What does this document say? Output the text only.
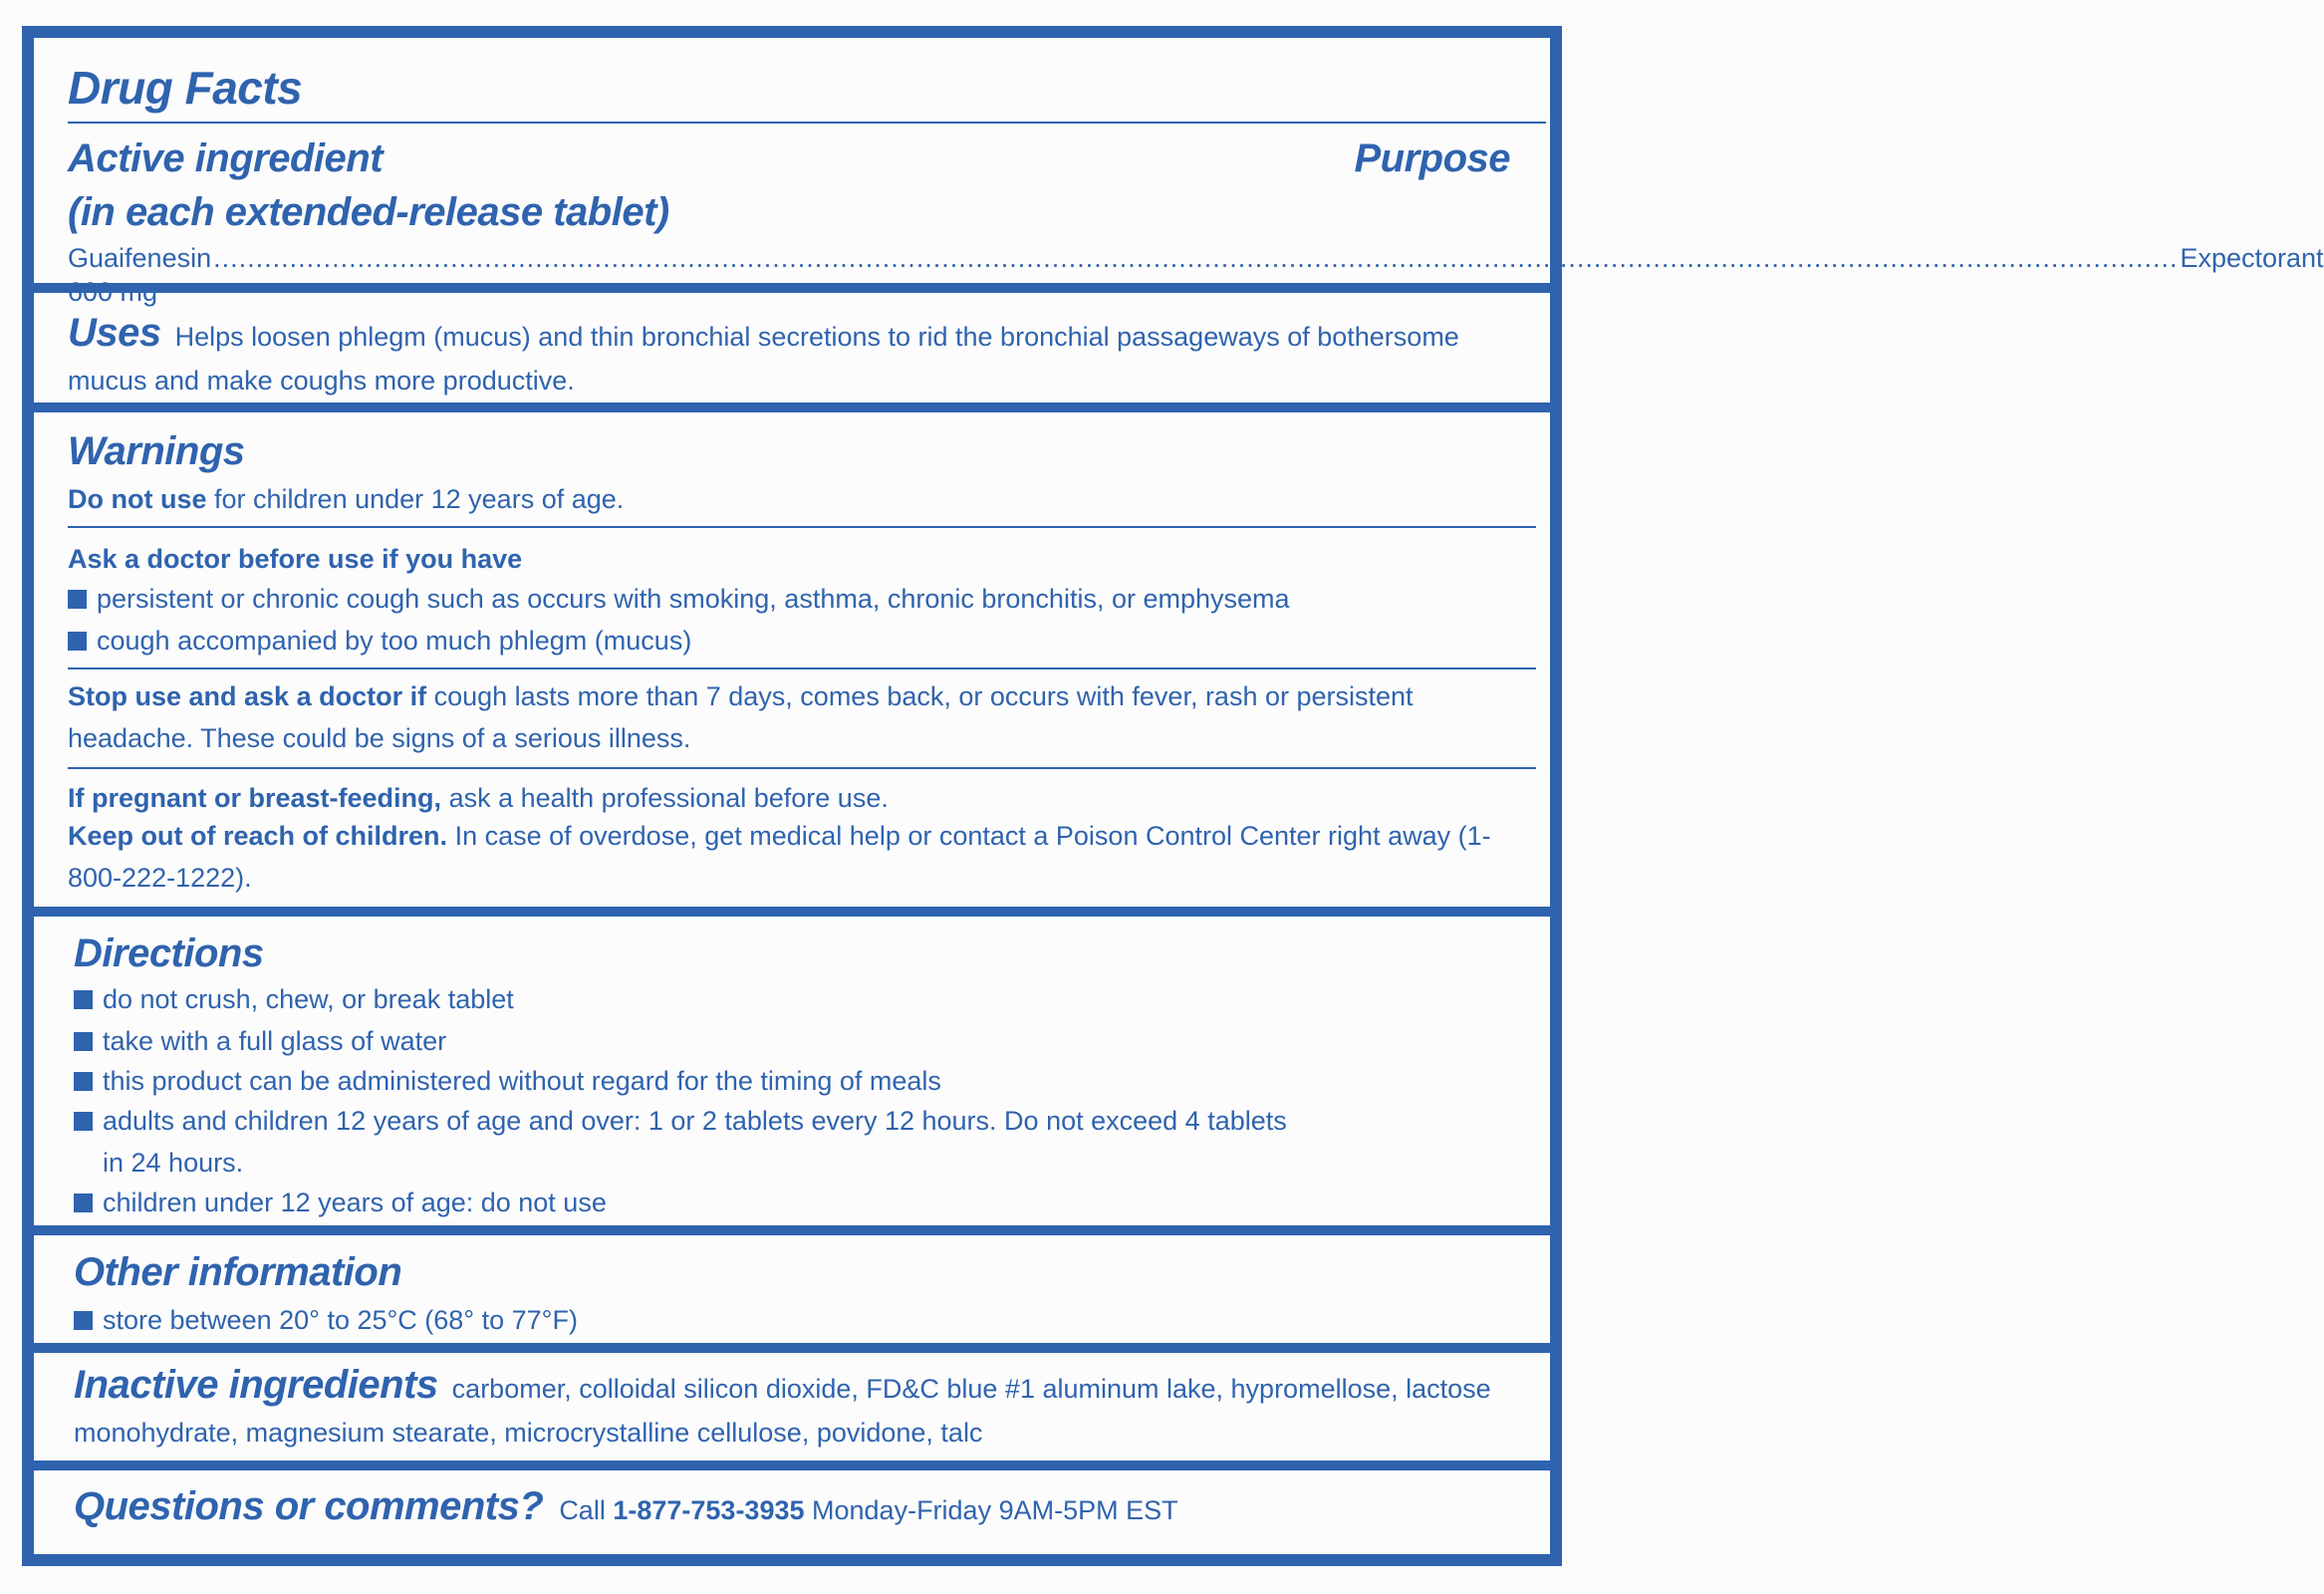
Drug Facts
Active ingredient	Purpose
(in each extended-release tablet)
Guaifenesin ........................................................................................................................................................................................................................................ Expectorant
Uses Helps loosen phlegm (mucus) and thin bronchial secretions to rid the bronchial passageways of bothersome mucus and make coughs more productive.
Warnings
Do not use for children under 12 years of age.
Ask a doctor before use if you have
persistent or chronic cough such as occurs with smoking, asthma, chronic bronchitis, or emphysema
cough accompanied by too much phlegm (mucus)
Stop use and ask a doctor if cough lasts more than 7 days, comes back, or occurs with fever, rash or persistent headache. These could be signs of a serious illness.
If pregnant or breast-feeding, ask a health professional before use.
Keep out of reach of children. In case of overdose, get medical help or contact a Poison Control Center right away (1-800-222-1222).
Directions
do not crush, chew, or break tablet
take with a full glass of water
this product can be administered without regard for the timing of meals
adults and children 12 years of age and over: 1 or 2 tablets every 12 hours. Do not exceed 4 tablets
in 24 hours.
children under 12 years of age: do not use
Other information
store between 20° to 25°C (68° to 77°F)
Inactive ingredients carbomer, colloidal silicon dioxide, FD&C blue #1 aluminum lake, hypromellose, lactose monohydrate, magnesium stearate, microcrystalline cellulose, povidone, talc
Questions or comments? Call 1-877-753-3935 Monday-Friday 9AM-5PM EST
